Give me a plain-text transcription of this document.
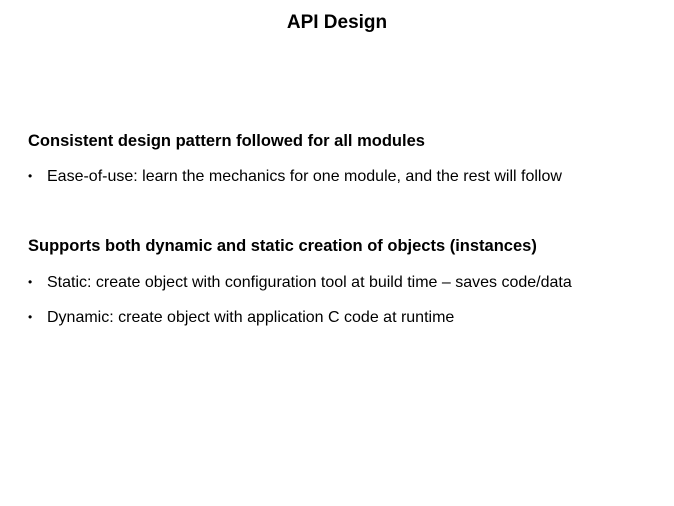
API Design
Consistent design pattern followed for all modules
•Ease-of-use: learn the mechanics for one module, and the rest will follow
Supports both dynamic and static creation of objects (instances)
•Static: create object with configuration tool at build time – saves code/data
•Dynamic: create object with application C code at runtime
